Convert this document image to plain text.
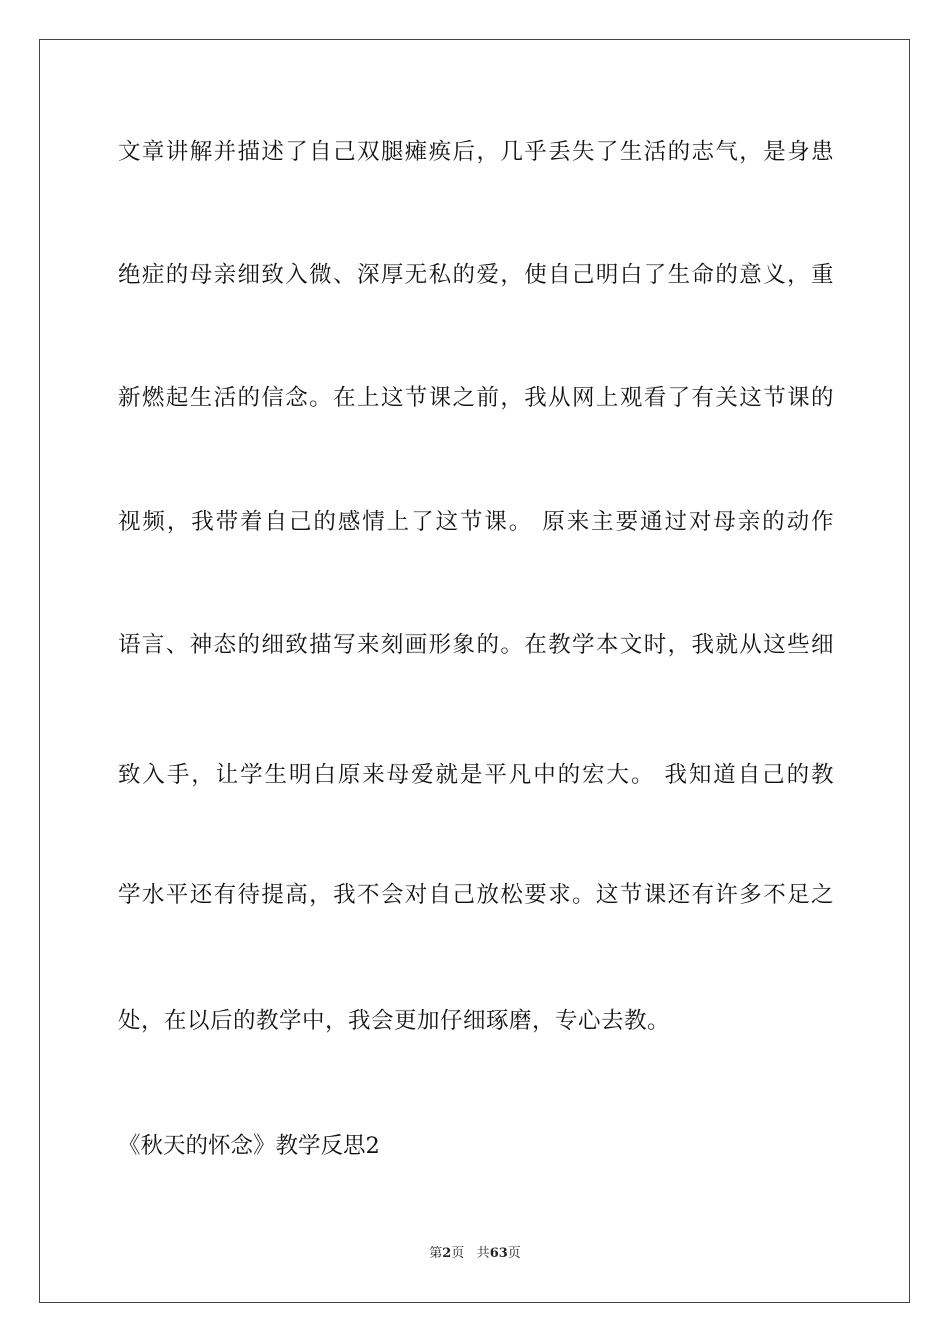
文章讲解并描述了自己双腿瘫痪后，几乎丢失了生活的志气，是身患
绝症的母亲细致入微、深厚无私的爱，使自己明白了生命的意义，重
新燃起生活的信念。在上这节课之前，我从网上观看了有关这节课的
视频，我带着自己的感情上了这节课。 原来主要通过对母亲的动作
语言、神态的细致描写来刻画形象的。在教学本文时，我就从这些细
致入手，让学生明白原来母爱就是平凡中的宏大。 我知道自己的教
学水平还有待提高，我不会对自己放松要求。这节课还有许多不足之
处，在以后的教学中，我会更加仔细琢磨，专心去教。
《秋天的怀念》教学反思2
第2页 共63页
